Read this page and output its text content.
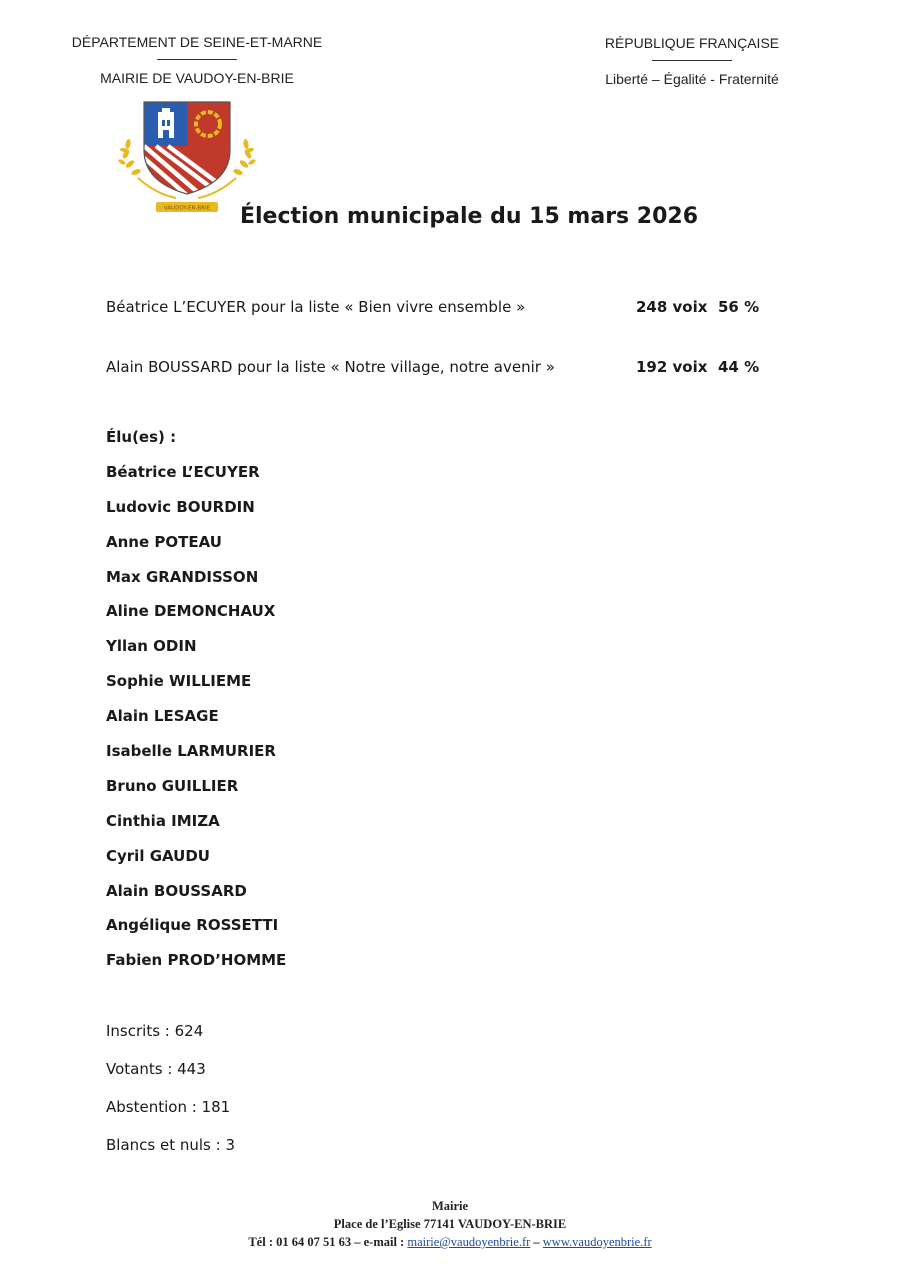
DÉPARTEMENT DE SEINE-ET-MARNE
MAIRIE DE VAUDOY-EN-BRIE
RÉPUBLIQUE FRANÇAISE
Liberté – Égalité - Fraternité
VAUDOY-EN-BRIE	Élection municipale du 15 mars 2026
Béatrice L’ECUYER pour la liste « Bien vivre ensemble »	248 voix 56 %
Alain BOUSSARD pour la liste « Notre village, notre avenir »	192 voix 44 %
Élu(es) :
Béatrice L’ECUYER
Ludovic BOURDIN
Anne POTEAU
Max GRANDISSON
Aline DEMONCHAUX
Yllan ODIN
Sophie WILLIEME
Alain LESAGE
Isabelle LARMURIER
Bruno GUILLIER
Cinthia IMIZA
Cyril GAUDU
Alain BOUSSARD
Angélique ROSSETTI
Fabien PROD’HOMME
Inscrits : 624
Votants : 443
Abstention : 181
Blancs et nuls : 3
Mairie
Place de l’Eglise 77141 VAUDOY-EN-BRIE
Tél : 01 64 07 51 63 – e-mail : mairie@vaudoyenbrie.fr – www.vaudoyenbrie.fr
